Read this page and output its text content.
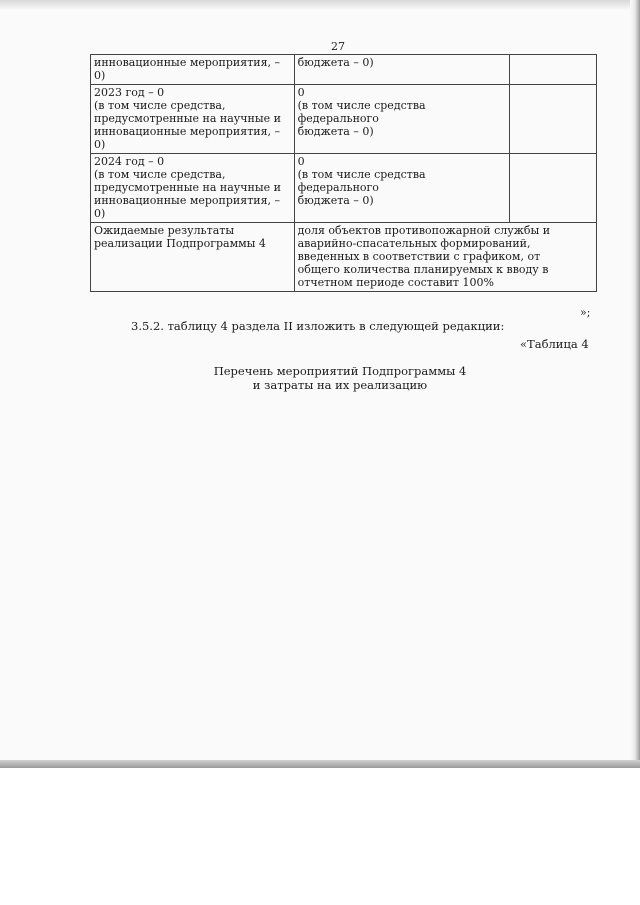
27
инновационные мероприятия, –
0)	бюджета – 0)	

2023 год – 0
(в том числе средства,
предусмотренные на научные и
инновационные мероприятия, –
0)	0
(в том числе средства
федерального
бюджета – 0)	

2024 год – 0
(в том числе средства,
предусмотренные на научные и
инновационные мероприятия, –
0)	0
(в том числе средства
федерального
бюджета – 0)	

Ожидаемые результаты
реализации Подпрограммы 4	доля объектов противопожарной службы и
аварийно-спасательных формирований,
введенных в соответствии с графиком, от
общего количества планируемых к вводу в
отчетном периоде составит 100%	
»;
3.5.2. таблицу 4 раздела II изложить в следующей редакции:
«Таблица 4
Перечень мероприятий Подпрограммы 4
и затраты на их реализацию
